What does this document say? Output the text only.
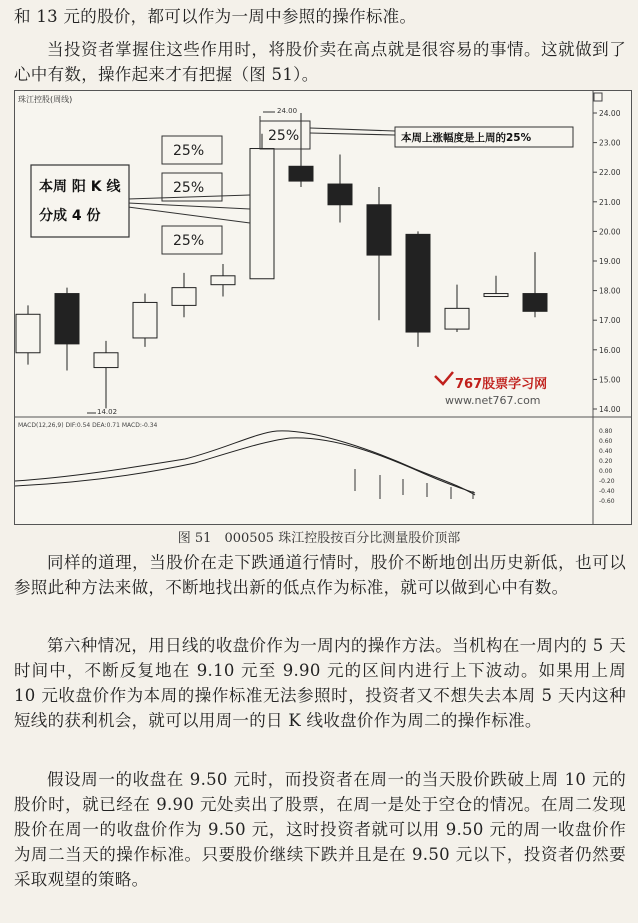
和 13 元的股价，都可以作为一周中参照的操作标准。

当投资者掌握住这些作用时，将股价卖在高点就是很容易的事情。这就做到了心中有数，操作起来才有把握（图 51）。

珠江控股(周线)
24.00
23.00
22.00
21.00
20.00
19.00
18.00
17.00
16.00
15.00
14.00
25%
25%
25%
25%
本周 阳 K 线
分成 4 份
本周上涨幅度是上周的25%
24.00
14.02
767股票学习网
www.net767.com
MACD(12,26,9) DIF:0.54 DEA:0.71 MACD:-0.34
0.80
0.60
0.40
0.20
0.00
-0.20
-0.40
-0.60
图 51　000505 珠江控股按百分比测量股价顶部

同样的道理，当股价在走下跌通道行情时，股价不断地创出历史新低，也可以参照此种方法来做，不断地找出新的低点作为标准，就可以做到心中有数。

第六种情况，用日线的收盘价作为一周内的操作方法。当机构在一周内的 5 天时间中，不断反复地在 9.10 元至 9.90 元的区间内进行上下波动。如果用上周 10 元收盘价作为本周的操作标准无法参照时，投资者又不想失去本周 5 天内这种短线的获利机会，就可以用周一的日 K 线收盘价作为周二的操作标准。

假设周一的收盘在 9.50 元时，而投资者在周一的当天股价跌破上周 10 元的股价时，就已经在 9.90 元处卖出了股票，在周一是处于空仓的情况。在周二发现股价在周一的收盘价作为 9.50 元，这时投资者就可以用 9.50 元的周一收盘价作为周二当天的操作标准。只要股价继续下跌并且是在 9.50 元以下，投资者仍然要采取观望的策略。
